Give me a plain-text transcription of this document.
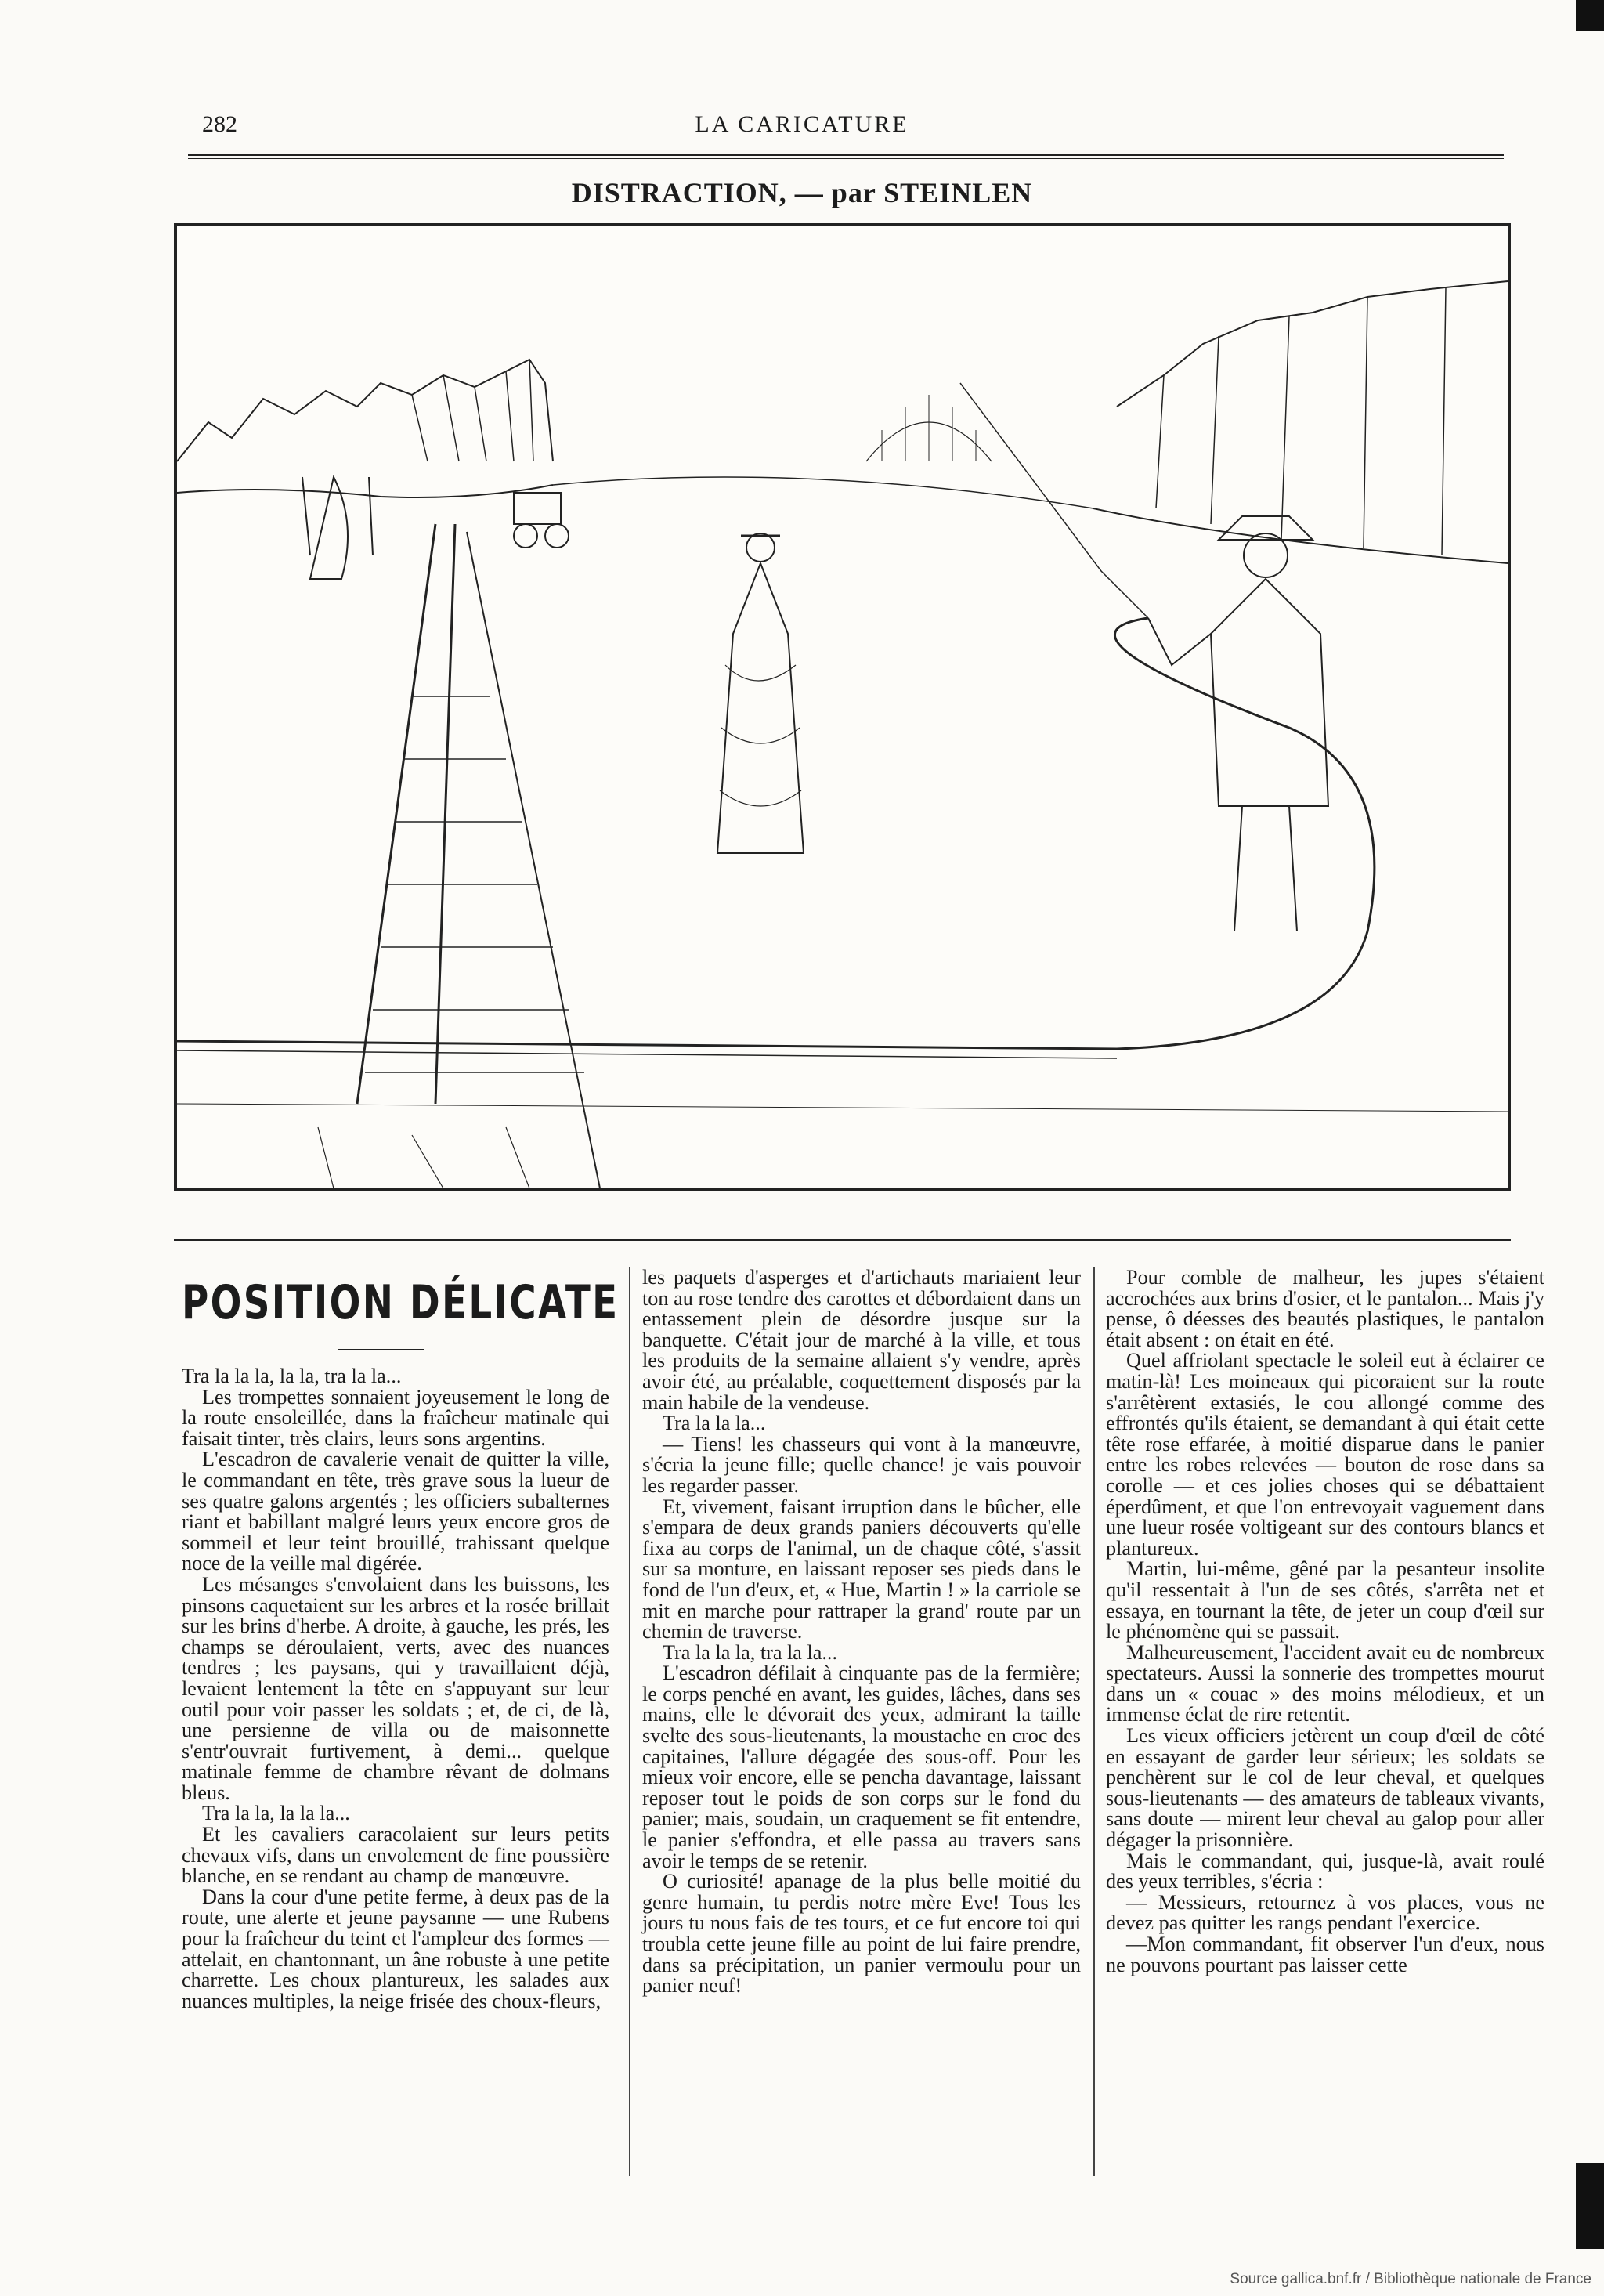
282	LA CARICATURE
DISTRACTION, — par STEINLEN
POSITION DÉLICATE

Tra la la la, la la, tra la la...

Les trompettes sonnaient joyeusement le long de la route ensoleillée, dans la fraîcheur matinale qui faisait tinter, très clairs, leurs sons argentins.

L'escadron de cavalerie venait de quitter la ville, le commandant en tête, très grave sous la lueur de ses quatre galons argentés ; les officiers subalternes riant et babillant malgré leurs yeux encore gros de sommeil et leur teint brouillé, trahissant quelque noce de la veille mal digérée.

Les mésanges s'envolaient dans les buissons, les pinsons caquetaient sur les arbres et la rosée brillait sur les brins d'herbe. A droite, à gauche, les prés, les champs se déroulaient, verts, avec des nuances tendres ; les paysans, qui y travaillaient déjà, levaient lentement la tête en s'appuyant sur leur outil pour voir passer les soldats ; et, de ci, de là, une persienne de villa ou de maisonnette s'entr'ouvrait furtivement, à demi... quelque matinale femme de chambre rêvant de dolmans bleus.

Tra la la, la la la...

Et les cavaliers caracolaient sur leurs petits chevaux vifs, dans un envolement de fine poussière blanche, en se rendant au champ de manœuvre.

Dans la cour d'une petite ferme, à deux pas de la route, une alerte et jeune paysanne — une Rubens pour la fraîcheur du teint et l'ampleur des formes — attelait, en chantonnant, un âne robuste à une petite charrette. Les choux plantureux, les salades aux nuances multiples, la neige frisée des choux-fleurs,

les paquets d'asperges et d'artichauts mariaient leur ton au rose tendre des carottes et débordaient dans un entassement plein de désordre jusque sur la banquette. C'était jour de marché à la ville, et tous les produits de la semaine allaient s'y vendre, après avoir été, au préalable, coquettement disposés par la main habile de la vendeuse.

Tra la la la...

— Tiens! les chasseurs qui vont à la manœuvre, s'écria la jeune fille; quelle chance! je vais pouvoir les regarder passer.

Et, vivement, faisant irruption dans le bûcher, elle s'empara de deux grands paniers découverts qu'elle fixa au corps de l'animal, un de chaque côté, s'assit sur sa monture, en laissant reposer ses pieds dans le fond de l'un d'eux, et, « Hue, Martin ! » la carriole se mit en marche pour rattraper la grand' route par un chemin de traverse.

Tra la la la, tra la la...

L'escadron défilait à cinquante pas de la fermière; le corps penché en avant, les guides, lâches, dans ses mains, elle le dévorait des yeux, admirant la taille svelte des sous-lieutenants, la moustache en croc des capitaines, l'allure dégagée des sous-off. Pour les mieux voir encore, elle se pencha davantage, laissant reposer tout le poids de son corps sur le fond du panier; mais, soudain, un craquement se fit entendre, le panier s'effondra, et elle passa au travers sans avoir le temps de se retenir.

O curiosité! apanage de la plus belle moitié du genre humain, tu perdis notre mère Eve! Tous les jours tu nous fais de tes tours, et ce fut encore toi qui troubla cette jeune fille au point de lui faire prendre, dans sa précipitation, un panier vermoulu pour un panier neuf!

Pour comble de malheur, les jupes s'étaient accrochées aux brins d'osier, et le pantalon... Mais j'y pense, ô déesses des beautés plastiques, le pantalon était absent : on était en été.

Quel affriolant spectacle le soleil eut à éclairer ce matin-là! Les moineaux qui picoraient sur la route s'arrêtèrent extasiés, le cou allongé comme des effrontés qu'ils étaient, se demandant à qui était cette tête rose effarée, à moitié disparue dans le panier entre les robes relevées — bouton de rose dans sa corolle — et ces jolies choses qui se débattaient éperdûment, et que l'on entrevoyait vaguement dans une lueur rosée voltigeant sur des contours blancs et plantureux.

Martin, lui-même, gêné par la pesanteur insolite qu'il ressentait à l'un de ses côtés, s'arrêta net et essaya, en tournant la tête, de jeter un coup d'œil sur le phénomène qui se passait.

Malheureusement, l'accident avait eu de nombreux spectateurs. Aussi la sonnerie des trompettes mourut dans un « couac » des moins mélodieux, et un immense éclat de rire retentit.

Les vieux officiers jetèrent un coup d'œil de côté en essayant de garder leur sérieux; les soldats se penchèrent sur le col de leur cheval, et quelques sous-lieutenants — des amateurs de tableaux vivants, sans doute — mirent leur cheval au galop pour aller dégager la prisonnière.

Mais le commandant, qui, jusque-là, avait roulé des yeux terribles, s'écria :

— Messieurs, retournez à vos places, vous ne devez pas quitter les rangs pendant l'exercice.

—Mon commandant, fit observer l'un d'eux, nous ne pouvons pourtant pas laisser cette

Source gallica.bnf.fr / Bibliothèque nationale de France
